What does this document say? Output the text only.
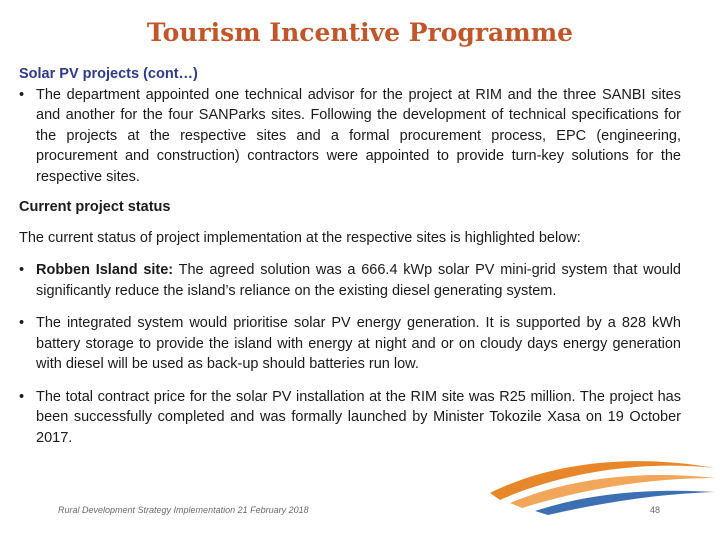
Tourism Incentive Programme

Solar PV projects (cont…)

• The department appointed one technical advisor for the project at RIM and the three SANBI sites and another for the four SANParks sites. Following the development of technical specifications for the projects at the respective sites and a formal procurement process, EPC (engineering, procurement and construction) contractors were appointed to provide turn-key solutions for the respective sites.

Current project status

The current status of project implementation at the respective sites is highlighted below:

• Robben Island site: The agreed solution was a 666.4 kWp solar PV mini-grid system that would significantly reduce the island’s reliance on the existing diesel generating system.
• The integrated system would prioritise solar PV energy generation. It is supported by a 828 kWh battery storage to provide the island with energy at night and or on cloudy days energy generation with diesel will be used as back-up should batteries run low.
• The total contract price for the solar PV installation at the RIM site was R25 million. The project has been successfully completed and was formally launched by Minister Tokozile Xasa on 19 October 2017.
Rural Development Strategy Implementation 21 February 2018	48
